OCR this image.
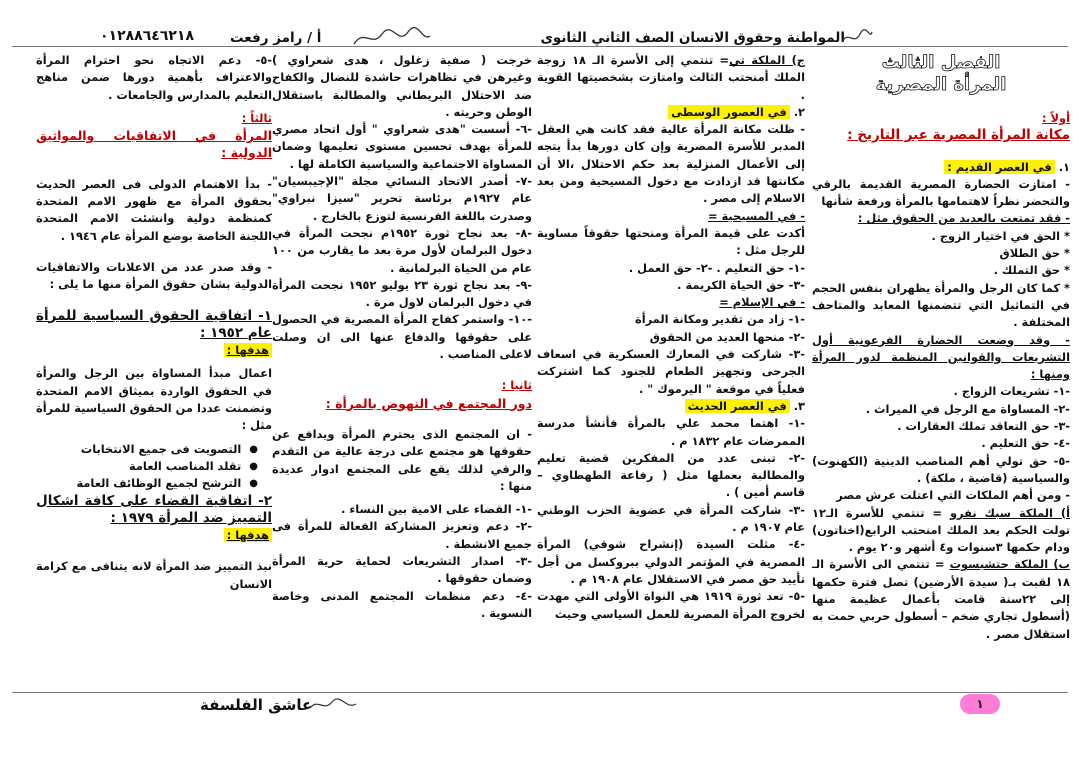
المواطنة وحقوق الانسان الصف الثاني الثانوى
أ / رامز رفعت
٠١٢٨٨٦٤٦٢١٨

الفصل الثالث

المرأة المصرية

أولاً :

مكانة المرأة المصرية عبر التاريخ :

١. في العصر القديم :

- امتازت الحضارة المصرية القديمة بالرقي والتحضر نظراً لاهتمامها بالمرأة ورفعة شأنها

- فقد تمتعت بالعديد من الحقوق مثل :

* الحق في اختيار الزوج .

* حق الطلاق

* حق التملك .

* كما كان الرجل والمرأة يظهران بنفس الحجم في التماثيل التي تتضمنها المعابد والمتاحف المختلفة .

- وقد وضعت الحضارة الفرعونية أول التشريعات والقوانين المنظمة لدور المرأة ومنها :

-١- تشريعات الزواج .

-٢- المساواة مع الرجل في الميراث .

-٣- حق التعاقد تملك العقارات .

-٤- حق التعليم .

-٥- حق تولي أهم المناصب الدينية (الكهنوت) والسياسية (قاضية ، ملكة) .

- ومن أهم الملكات التي اعتلت عرش مصر

أ) الملكة سبك نفرو = تنتمي للأسرة الـ١٢ تولت الحكم بعد الملك امنحتب الرابع(اخناتون) ودام حكمها ٣سنوات و٤ أشهر و٢٠ يوم .

ب) الملكة حتشبسوت = تنتمي الى الأسرة الـ ١٨ لقبت بـ( سيدة الأرضين) تصل فترة حكمها إلى ٢٢سنة قامت بأعمال عظيمة منها (أسطول تجاري ضخم – أسطول حربي حمت به استقلال مصر .

ج) الملكة تي= تنتمي إلى الأسرة الـ ١٨ زوجة الملك أمنحتب الثالث وامتازت بشخصيتها القوية .

٢. في العصور الوسطى

- ظلت مكانة المرأة عالية فقد كانت هي العقل المدبر للأسرة المصرية وإن كان دورها بدأ يتجه إلى الأعمال المنزلية بعد حكم الاحتلال ،الا أن مكانتها قد ازدادت مع دخول المسيحية ومن بعد الاسلام إلى مصر .

- في المسيحية =

أكدت على قيمة المرأة ومنحتها حقوقاً مساوية للرجل مثل :

-١- حق التعليم . -٢- حق العمل .

-٣- حق الحياة الكريمة .

- في الإسلام =

-١- زاد من تقدير ومكانة المرأة

-٢- منحها العديد من الحقوق

-٣- شاركت في المعارك العسكرية في اسعاف الجرحى وتجهيز الطعام للجنود كما اشتركت فعلياً في موقعة " اليرموك " .

٣. في العصر الحديث

-١- اهتما محمد علي بالمرأة فأنشأ مدرسة الممرضات عام ١٨٣٢ م .

-٢- تبنى عدد من المفكرين قضية تعليم والمطالبة بعملها مثل ( رفاعة الطهطاوي – قاسم أمين ) .

-٣- شاركت المرأة في عضوية الحزب الوطني عام ١٩٠٧ م .

-٤- مثلت السيدة (إنشراح شوقي) المرأة المصرية في المؤتمر الدولي ببروكسل من أجل تأييد حق مصر في الاستقلال عام ١٩٠٨ م .

-٥- تعد ثورة ١٩١٩ هي النواة الأولى التي مهدت لخروج المرأة المصرية للعمل السياسي وحيث

خرجت ( صفية زغلول ، هدى شعراوي ) وغيرهن في تظاهرات حاشدة للنضال والكفاح ضد الاحتلال البريطاني والمطالبة باستقلال الوطن وحريته .

-٦- أسست "هدى شعراوي " أول اتحاد مصري للمرأة بهدف تحسين مستوى تعليمها وضمان المساواة الاجتماعية والسياسية الكاملة لها .

-٧- أصدر الاتحاد النسائي مجلة "الإجيبسيان" عام ١٩٢٧م برئاسة تحرير "سيزا نبراوي" وصدرت باللغة الفرنسية لتوزع بالخارج .

-٨- بعد نجاح ثورة ١٩٥٢م نجحت المرأة في دخول البرلمان لأول مرة بعد ما يقارب من ١٠٠ عام من الحياة البرلمانية .

-٩- بعد نجاح ثورة ٢٣ يوليو ١٩٥٢ نجحت المرأة في دخول البرلمان لاول مرة .

-١٠- واستمر كفاح المرأة المصرية في الحصول على حقوقها والدفاع عنها الى ان وصلت لاعلى المناصب .

ثانيا :

دور المجتمع في النهوض بالمرأة :

- ان المجتمع الذى يحترم المرأة ويدافع عن حقوقها هو مجتمع على درجة عالية من التقدم والرقي لذلك يقع على المجتمع ادوار عديدة منها :

-١- القضاء على الامية بين النساء .

-٢- دعم وتعزيز المشاركة الفعالة للمرأة فى جميع الانشطة .

-٣- اصدار التشريعات لحماية حرية المرأة وضمان حقوقها .

-٤- دعم منظمات المجتمع المدنى وخاصة النسوية .

-٥- دعم الاتجاه نحو احترام المرأة والاعتراف بأهمية دورها ضمن مناهج التعليم بالمدارس والجامعات .

ثالثاً :

المرأة في الاتفاقيات والمواثيق الدولية :

- بدأ الاهتمام الدولى فى العصر الحديث بحقوق المرأة مع ظهور الامم المتحدة كمنظمة دولية وانشئت الامم المتحدة اللجنة الخاصة بوضع المرأة عام ١٩٤٦ .

- وقد صدر عدد من الاعلانات والاتفاقيات الدولية بشان حقوق المرأة منها ما يلى :

١- اتفاقية الحقوق السياسية للمرأة عام ١٩٥٢ :

هدفها :

اعمال مبدأ المساواة بين الرجل والمرأة في الحقوق الواردة بميثاق الامم المتحدة وتضمنت عددا من الحقوق السياسية للمرأة مثل :

●
التصويت فى جميع الانتخابات
●
تقلد المناصب العامة
●
الترشح لجميع الوظائف العامة

٢- اتفاقية القضاء على كافة اشكال التمييز ضد المرأة ١٩٧٩ :

هدفها :

نبذ التمييز ضد المرأة لانه يتنافى مع كرامة الانسان

عاشق الفلسفة	١
